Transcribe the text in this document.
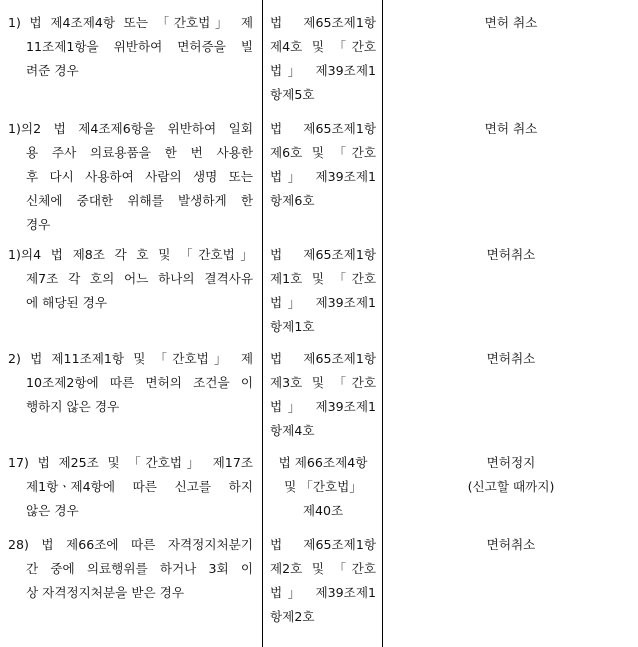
1) 법 제4조제4항 또는 「간호법」 제

11조제1항을 위반하여 면허증을 빌

려준 경우

법 제65조제1항

제4호 및 「간호

법」 제39조제1

항제5호

면허 취소

1)의2 법 제4조제6항을 위반하여 일회

용 주사 의료용품을 한 번 사용한

후 다시 사용하여 사람의 생명 또는

신체에 중대한 위해를 발생하게 한

경우

법 제65조제1항

제6호 및 「간호

법」 제39조제1

항제6호

면허 취소

1)의4 법 제8조 각 호 및 「간호법」

제7조 각 호의 어느 하나의 결격사유

에 해당된 경우

법 제65조제1항

제1호 및 「간호

법」 제39조제1

항제1호

면허취소

2) 법 제11조제1항 및 「간호법」 제

10조제2항에 따른 면허의 조건을 이

행하지 않은 경우

법 제65조제1항

제3호 및 「간호

법」 제39조제1

항제4호

면허취소

17) 법 제25조 및 「간호법」 제17조

제1항ㆍ제4항에 따른 신고를 하지

않은 경우

법 제66조제4항

및 「간호법」

제40조

면허정지

(신고할 때까지)

28) 법 제66조에 따른 자격정지처분기

간 중에 의료행위를 하거나 3회 이

상 자격정지처분을 받은 경우

법 제65조제1항

제2호 및 「간호

법」 제39조제1

항제2호

면허취소
